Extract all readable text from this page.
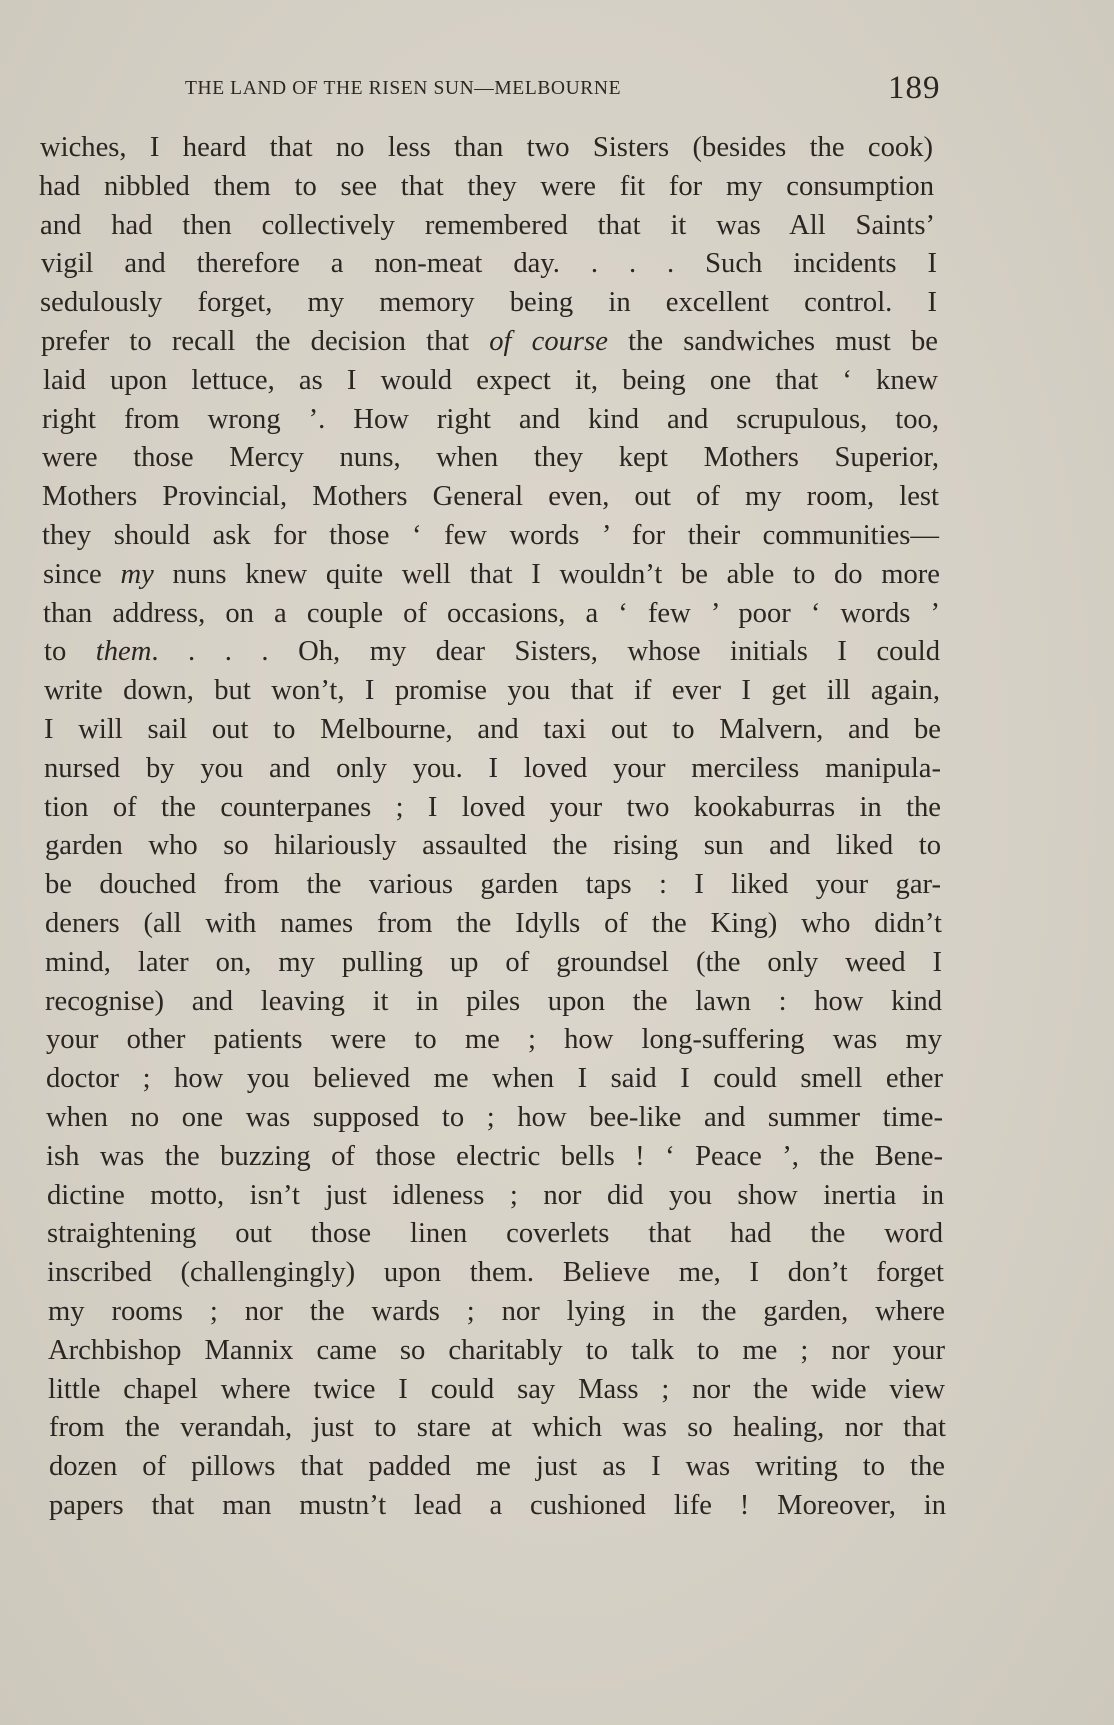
THE LAND OF THE RISEN SUN—MELBOURNE	189
wiches, I heard that no less than two Sisters (besides the cook)
had nibbled them to see that they were fit for my consumption
and had then collectively remembered that it was All Saints’
vigil and therefore a non-meat day. . . . Such incidents I
sedulously forget, my memory being in excellent control. I
prefer to recall the decision that of course the sandwiches must be
laid upon lettuce, as I would expect it, being one that ‘ knew
right from wrong ’. How right and kind and scrupulous, too,
were those Mercy nuns, when they kept Mothers Superior,
Mothers Provincial, Mothers General even, out of my room, lest
they should ask for those ‘ few words ’ for their communities—
since my nuns knew quite well that I wouldn’t be able to do more
than address, on a couple of occasions, a ‘ few ’ poor ‘ words ’
to them. . . . Oh, my dear Sisters, whose initials I could
write down, but won’t, I promise you that if ever I get ill again,
I will sail out to Melbourne, and taxi out to Malvern, and be
nursed by you and only you. I loved your merciless manipula-
tion of the counterpanes ; I loved your two kookaburras in the
garden who so hilariously assaulted the rising sun and liked to
be douched from the various garden taps : I liked your gar-
deners (all with names from the Idylls of the King) who didn’t
mind, later on, my pulling up of groundsel (the only weed I
recognise) and leaving it in piles upon the lawn : how kind
your other patients were to me ; how long-suffering was my
doctor ; how you believed me when I said I could smell ether
when no one was supposed to ; how bee-like and summer time-
ish was the buzzing of those electric bells ! ‘ Peace ’, the Bene-
dictine motto, isn’t just idleness ; nor did you show inertia in
straightening out those linen coverlets that had the word
inscribed (challengingly) upon them. Believe me, I don’t forget
my rooms ; nor the wards ; nor lying in the garden, where
Archbishop Mannix came so charitably to talk to me ; nor your
little chapel where twice I could say Mass ; nor the wide view
from the verandah, just to stare at which was so healing, nor that
dozen of pillows that padded me just as I was writing to the
papers that man mustn’t lead a cushioned life ! Moreover, in
